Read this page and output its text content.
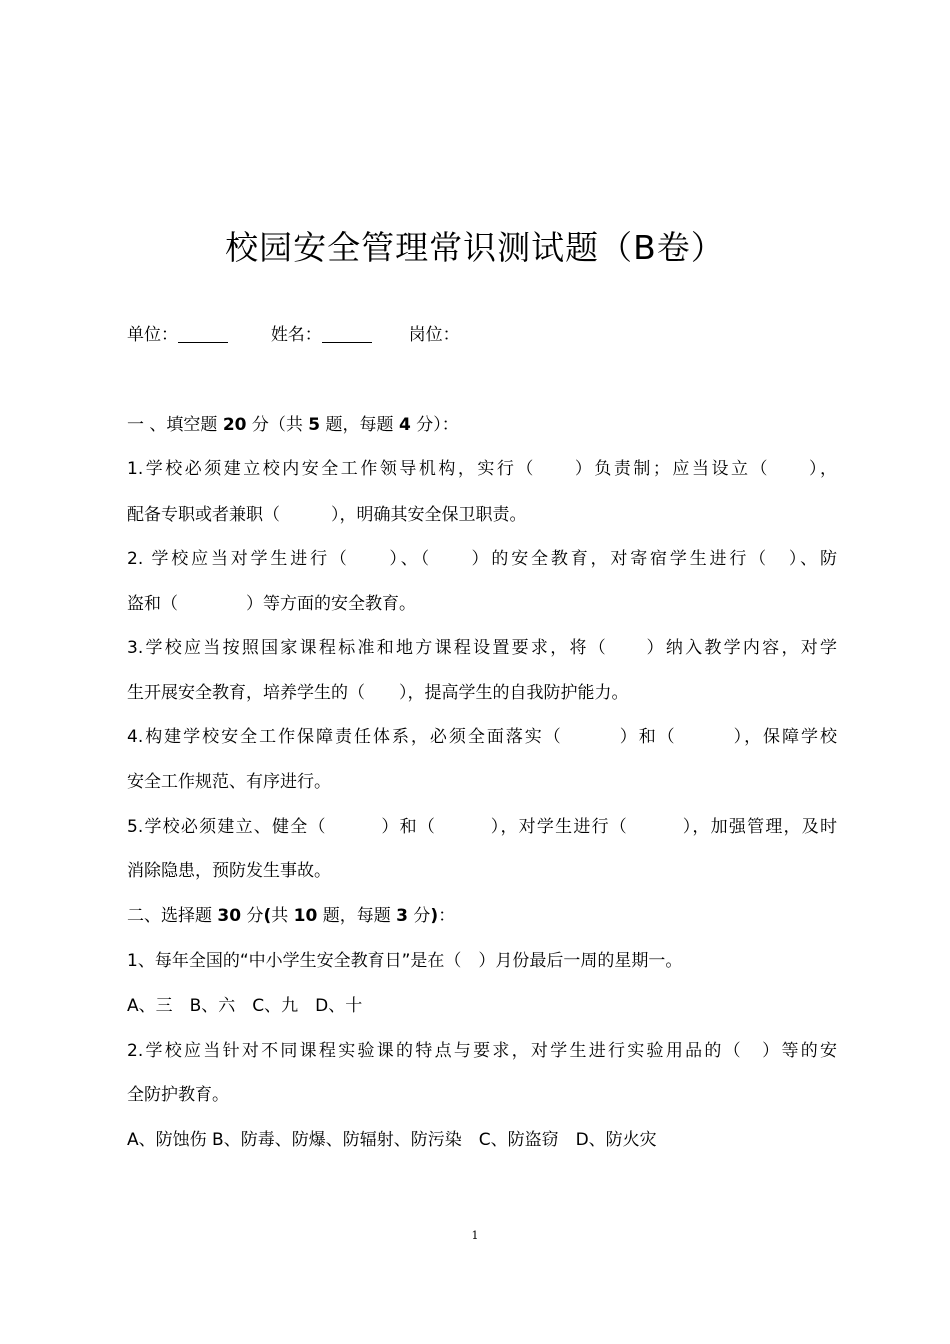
校园安全管理常识测试题（B卷）
单位：	姓名：	岗位：
一 、填空题 20 分（共 5 题，每题 4 分）：
1.学校必须建立校内安全工作领导机构，实行（　　）负责制；应当设立（　　），
配备专职或者兼职（　　　），明确其安全保卫职责。
2. 学校应当对学生进行（　　）、（　　）的安全教育，对寄宿学生进行（　）、防
盗和（　　　　）等方面的安全教育。
3.学校应当按照国家课程标准和地方课程设置要求，将（　　）纳入教学内容，对学
生开展安全教育，培养学生的（　　），提高学生的自我防护能力。
4.构建学校安全工作保障责任体系，必须全面落实（　　　）和（　　　），保障学校
安全工作规范、有序进行。
5.学校必须建立、健全（　　　）和（　　　），对学生进行（　　　），加强管理，及时
消除隐患，预防发生事故。
二、选择题 30 分(共 10 题，每题 3 分)：
1、每年全国的“中小学生安全教育日”是在（　）月份最后一周的星期一。
A、三　B、六　C、九　D、十
2.学校应当针对不同课程实验课的特点与要求，对学生进行实验用品的（　）等的安
全防护教育。
A、防蚀伤 B、防毒、防爆、防辐射、防污染　C、防盗窃　D、防火灾
1
